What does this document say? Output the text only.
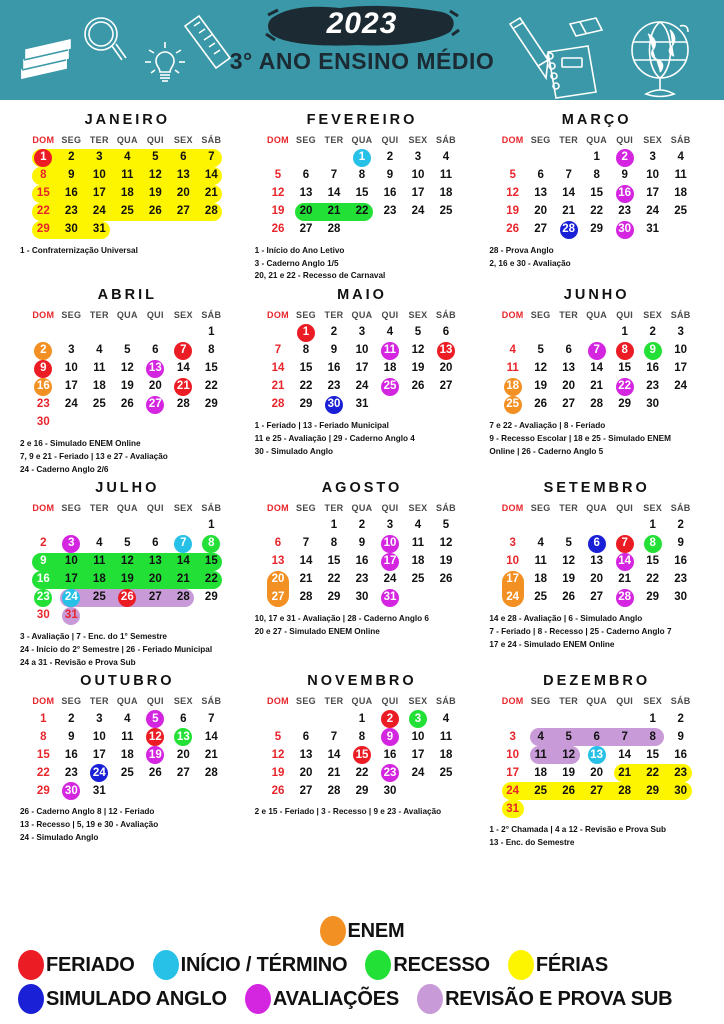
2023
3° ANO ENSINO MÉDIO
JANEIRO
DOM	SEG	TER	QUA	QUI	SEX	SÁB

1	2	3	4	5	6	7

8	9	10	11	12	13	14

15	16	17	18	19	20	21

22	23	24	25	26	27	28

29	30	31				
1 - Confraternização Universal
FEVEREIRO
DOM	SEG	TER	QUA	QUI	SEX	SÁB
			1	2	3	4
5	6	7	8	9	10	11
12	13	14	15	16	17	18
19	20	21	22	23	24	25
26	27	28				
1 - Início do Ano Letivo
3 - Caderno Anglo 1/5
20, 21 e 22 - Recesso de Carnaval
MARÇO
DOM	SEG	TER	QUA	QUI	SEX	SÁB
			1	2	3	4
5	6	7	8	9	10	11
12	13	14	15	16	17	18
19	20	21	22	23	24	25
26	27	28	29	30	31	
28 - Prova Anglo
2, 16 e 30 - Avaliação
ABRIL
DOM	SEG	TER	QUA	QUI	SEX	SÁB
						1
2	3	4	5	6	7	8
9	10	11	12	13	14	15
16	17	18	19	20	21	22
23	24	25	26	27	28	29
30						
2 e 16 - Simulado ENEM Online
7, 9 e 21 - Feriado | 13 e 27 - Avaliação
24 - Caderno Anglo 2/6
MAIO
DOM	SEG	TER	QUA	QUI	SEX	SÁB
	1	2	3	4	5	6
7	8	9	10	11	12	13
14	15	16	17	18	19	20
21	22	23	24	25	26	27
28	29	30	31			
1 - Feriado | 13 - Feriado Municipal
11 e 25 - Avaliação | 29 - Caderno Anglo 4
30 - Simulado Anglo
JUNHO
DOM	SEG	TER	QUA	QUI	SEX	SÁB
				1	2	3
4	5	6	7	8	9	10
11	12	13	14	15	16	17
18	19	20	21	22	23	24
25	26	27	28	29	30	
7 e 22 - Avaliação | 8 - Feriado
9 - Recesso Escolar | 18 e 25 - Simulado ENEM
Online | 26 - Caderno Anglo 5
JULHO
DOM	SEG	TER	QUA	QUI	SEX	SÁB
						1
2	3	4	5	6	7	8

9	10	11	12	13	14	15

16	17	18	19	20	21	22
23	24	25	26	27	28	29
30	31					
3 - Avaliação | 7 - Enc. do 1° Semestre
24 - Início do 2° Semestre | 26 - Feriado Municipal
24 a 31 - Revisão e Prova Sub
AGOSTO
DOM	SEG	TER	QUA	QUI	SEX	SÁB
		1	2	3	4	5
6	7	8	9	10	11	12
13	14	15	16	17	18	19

20	21	22	23	24	25	26
27	28	29	30	31		
10, 17 e 31 - Avaliação | 28 - Caderno Anglo 6
20 e 27 - Simulado ENEM Online
SETEMBRO
DOM	SEG	TER	QUA	QUI	SEX	SÁB
					1	2
3	4	5	6	7	8	9
10	11	12	13	14	15	16

17	18	19	20	21	22	23
24	25	26	27	28	29	30
14 e 28 - Avaliação | 6 - Simulado Anglo
7 - Feriado | 8 - Recesso | 25 - Caderno Anglo 7
17 e 24 - Simulado ENEM Online
OUTUBRO
DOM	SEG	TER	QUA	QUI	SEX	SÁB
1	2	3	4	5	6	7
8	9	10	11	12	13	14
15	16	17	18	19	20	21
22	23	24	25	26	27	28
29	30	31				
26 - Caderno Anglo 8 | 12 - Feriado
13 - Recesso | 5, 19 e 30 - Avaliação
24 - Simulado Anglo
NOVEMBRO
DOM	SEG	TER	QUA	QUI	SEX	SÁB
			1	2	3	4
5	6	7	8	9	10	11
12	13	14	15	16	17	18
19	20	21	22	23	24	25
26	27	28	29	30		
2 e 15 - Feriado | 3 - Recesso | 9 e 23 - Avaliação
DEZEMBRO
DOM	SEG	TER	QUA	QUI	SEX	SÁB
					1	2
3	4	5	6	7	8	9
10	11	12	13	14	15	16
17	18	19	20	21	22	23

24	25	26	27	28	29	30

31						
1 - 2° Chamada | 4 a 12 - Revisão e Prova Sub
13 - Enc. do Semestre
ENEM
FERIADO INÍCIO / TÉRMINO RECESSO FÉRIAS
SIMULADO ANGLO AVALIAÇÕES REVISÃO E PROVA SUB
